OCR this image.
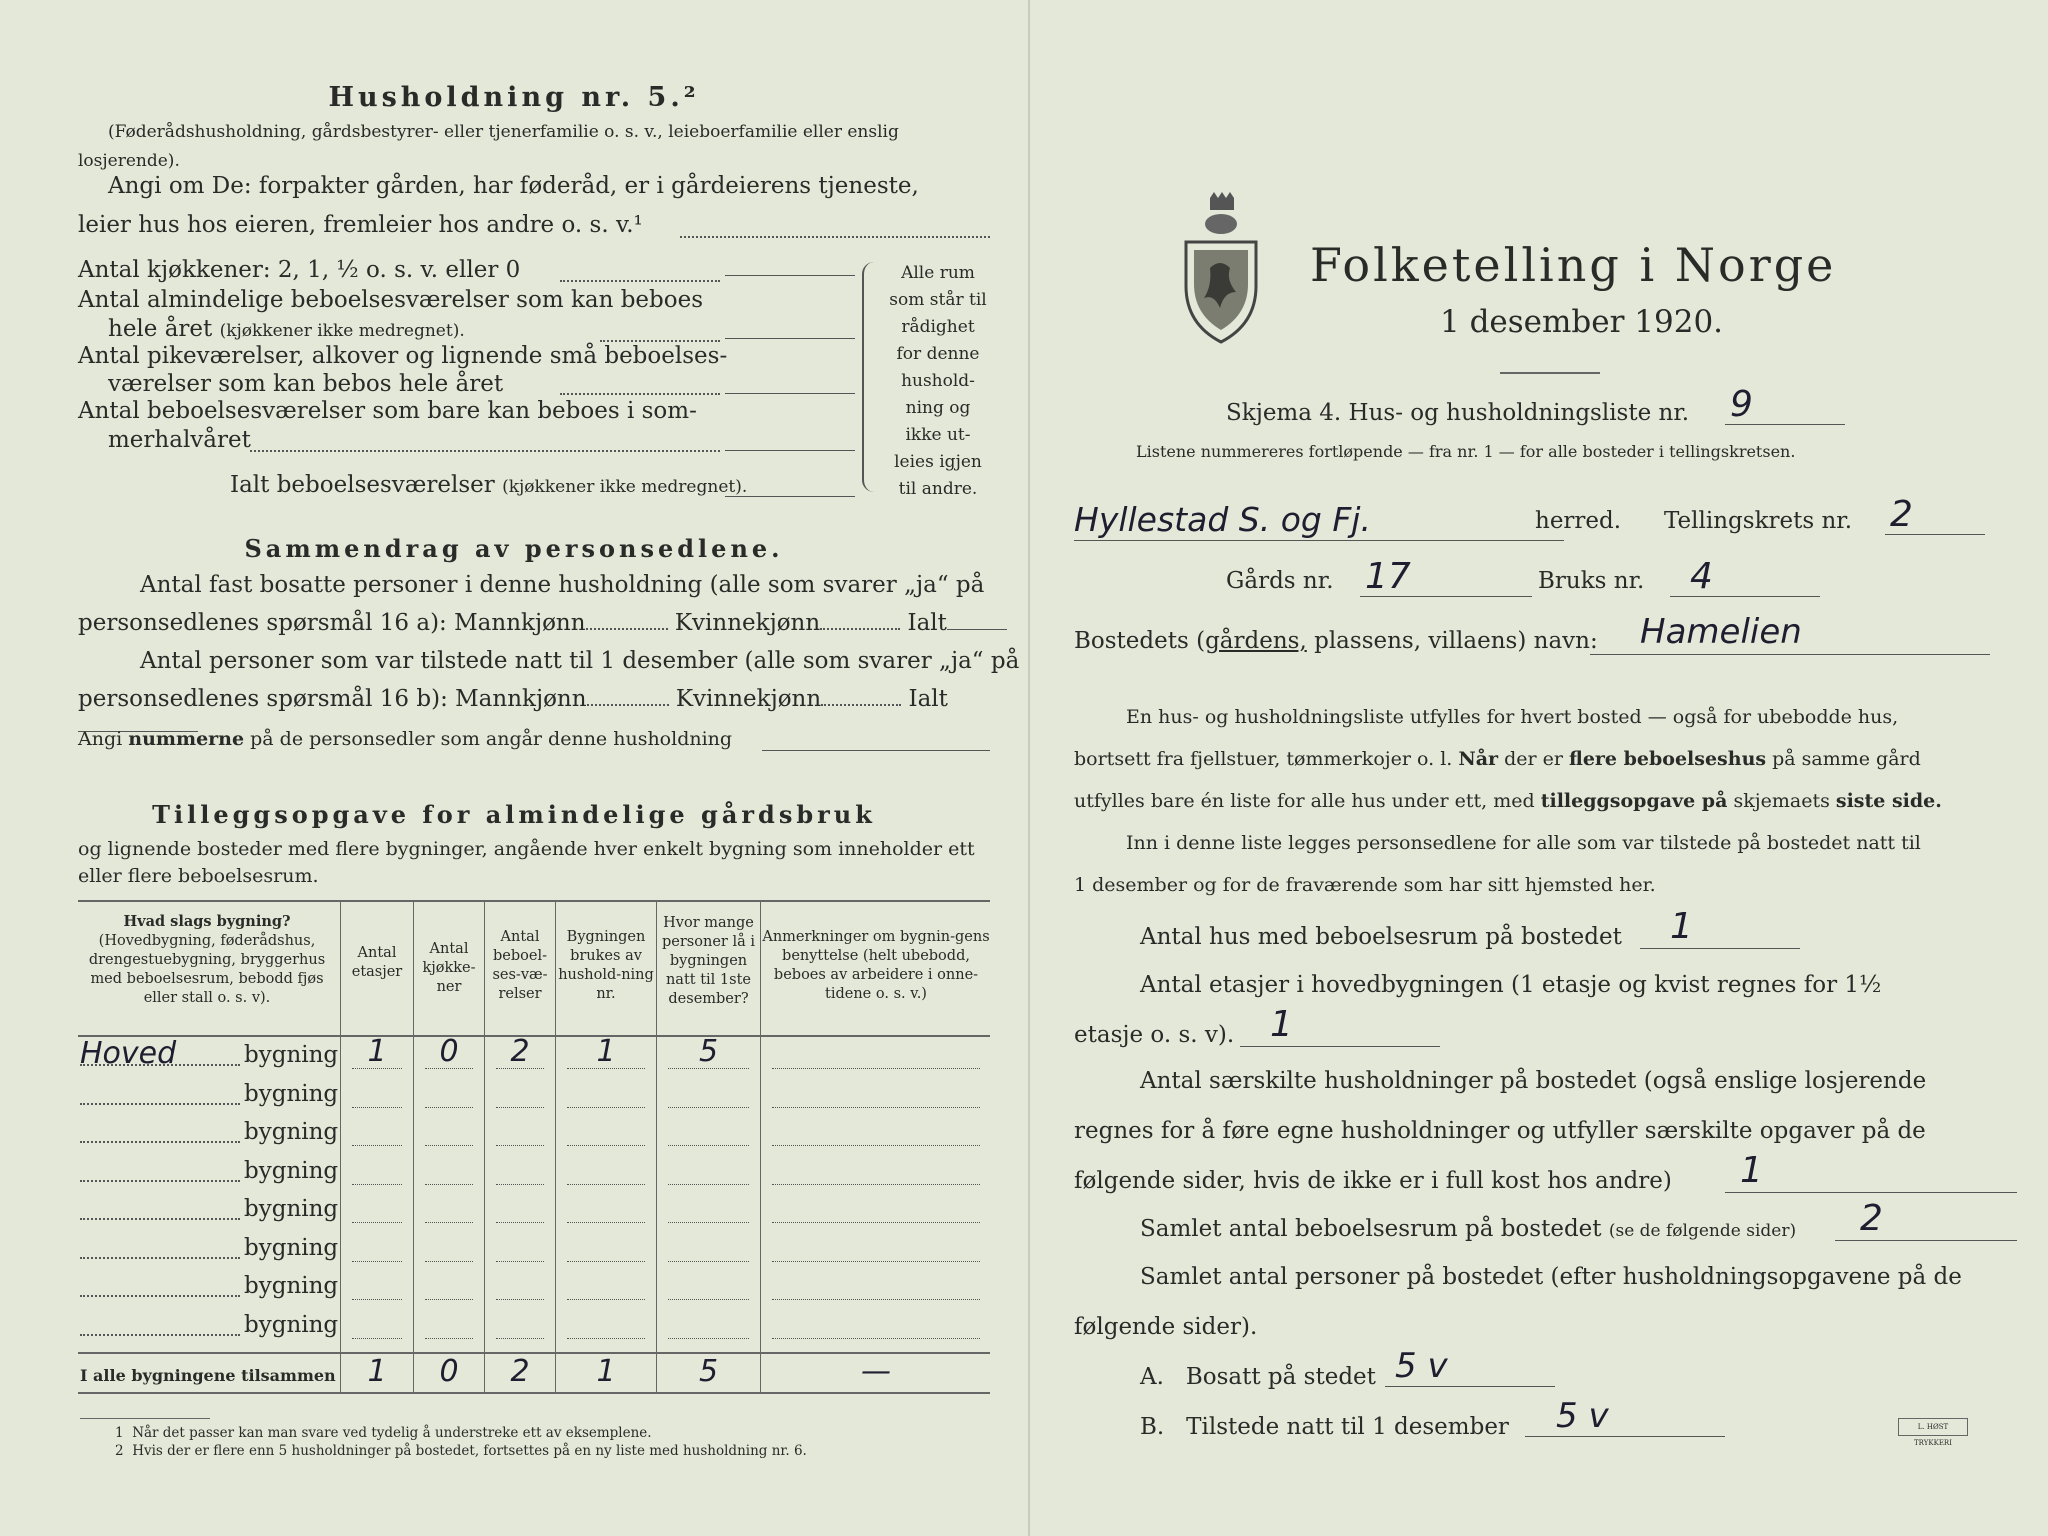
Husholdning nr. 5.²
(Føderådshusholdning, gårdsbestyrer- eller tjenerfamilie o. s. v., leieboerfamilie eller enslig losjerende).
Angi om De: forpakter gården, har føderåd, er i gårdeierens tjeneste,
leier hus hos eieren, fremleier hos andre o. s. v.¹
Antal kjøkkener: 2, 1, ½ o. s. v. eller 0
Antal almindelige beboelsesværelser som kan beboes
hele året (kjøkkener ikke medregnet).
Antal pikeværelser, alkover og lignende små beboelses-
værelser som kan bebos hele året
Antal beboelsesværelser som bare kan beboes i som-
merhalvåret
Ialt beboelsesværelser (kjøkkener ikke medregnet).
Alle rum
som står til
rådighet
for denne
hushold-
ning og
ikke ut-
leies igjen
til andre.
Sammendrag av personsedlene.
Antal fast bosatte personer i denne husholdning (alle som svarer „ja“ på
personsedlenes spørsmål 16 a): Mannkjønn	Kvinnekjønn	Ialt
Antal personer som var tilstede natt til 1 desember (alle som svarer „ja“ på
personsedlenes spørsmål 16 b): Mannkjønn	Kvinnekjønn	Ialt
Angi nummerne på de personsedler som angår denne husholdning
Tilleggsopgave for almindelige gårdsbruk
og lignende bosteder med flere bygninger, angående hver enkelt bygning som inneholder ett eller flere beboelsesrum.
Hvad slags bygning?
(Hovedbygning, føderådshus, drengestuebygning, bryggerhus med beboelsesrum, bebodd fjøs eller stall o. s. v).
Antal etasjer
Antal kjøkke-ner
Antal beboel-ses-væ-relser
Bygningen brukes av hushold-ning nr.
Hvor mange personer lå i bygningen natt til 1ste desember?
Anmerkninger om bygnin-gens benyttelse (helt ubebodd, beboes av arbeidere i onne-tidene o. s. v.)
Hoved	bygning 1	0	2	1	5
bygning
bygning
bygning
bygning
bygning
bygning
bygning
I alle bygningene tilsammen	1	0	2	1	5	—
1 Når det passer kan man svare ved tydelig å understreke ett av eksemplene.
2 Hvis der er flere enn 5 husholdninger på bostedet, fortsettes på en ny liste med husholdning nr. 6.
Folketelling i Norge
1 desember 1920.
Skjema 4. Hus- og husholdningsliste nr. 9
Listene nummereres fortløpende — fra nr. 1 — for alle bosteder i tellingskretsen.
Hyllestad S. og Fj.	herred. Tellingskrets nr. 2
Gårds nr. 17	Bruks nr. 4
Bostedets (gårdens, plassens, villaens) navn: Hamelien
En hus- og husholdningsliste utfylles for hvert bosted — også for ubebodde hus,
bortsett fra fjellstuer, tømmerkojer o. l. Når der er flere beboelseshus på samme gård
utfylles bare én liste for alle hus under ett, med tilleggsopgave på skjemaets siste side.
Inn i denne liste legges personsedlene for alle som var tilstede på bostedet natt til
1 desember og for de fraværende som har sitt hjemsted her.
Antal hus med beboelsesrum på bostedet 1
Antal etasjer i hovedbygningen (1 etasje og kvist regnes for 1½
etasje o. s. v). 1
Antal særskilte husholdninger på bostedet (også enslige losjerende
regnes for å føre egne husholdninger og utfyller særskilte opgaver på de
følgende sider, hvis de ikke er i full kost hos andre) 1
Samlet antal beboelsesrum på bostedet (se de følgende sider) 2
Samlet antal personer på bostedet (efter husholdningsopgavene på de
følgende sider).
A. Bosatt på stedet 5 v
B. Tilstede natt til 1 desember 5 v	L. HØST TRYKKERI
